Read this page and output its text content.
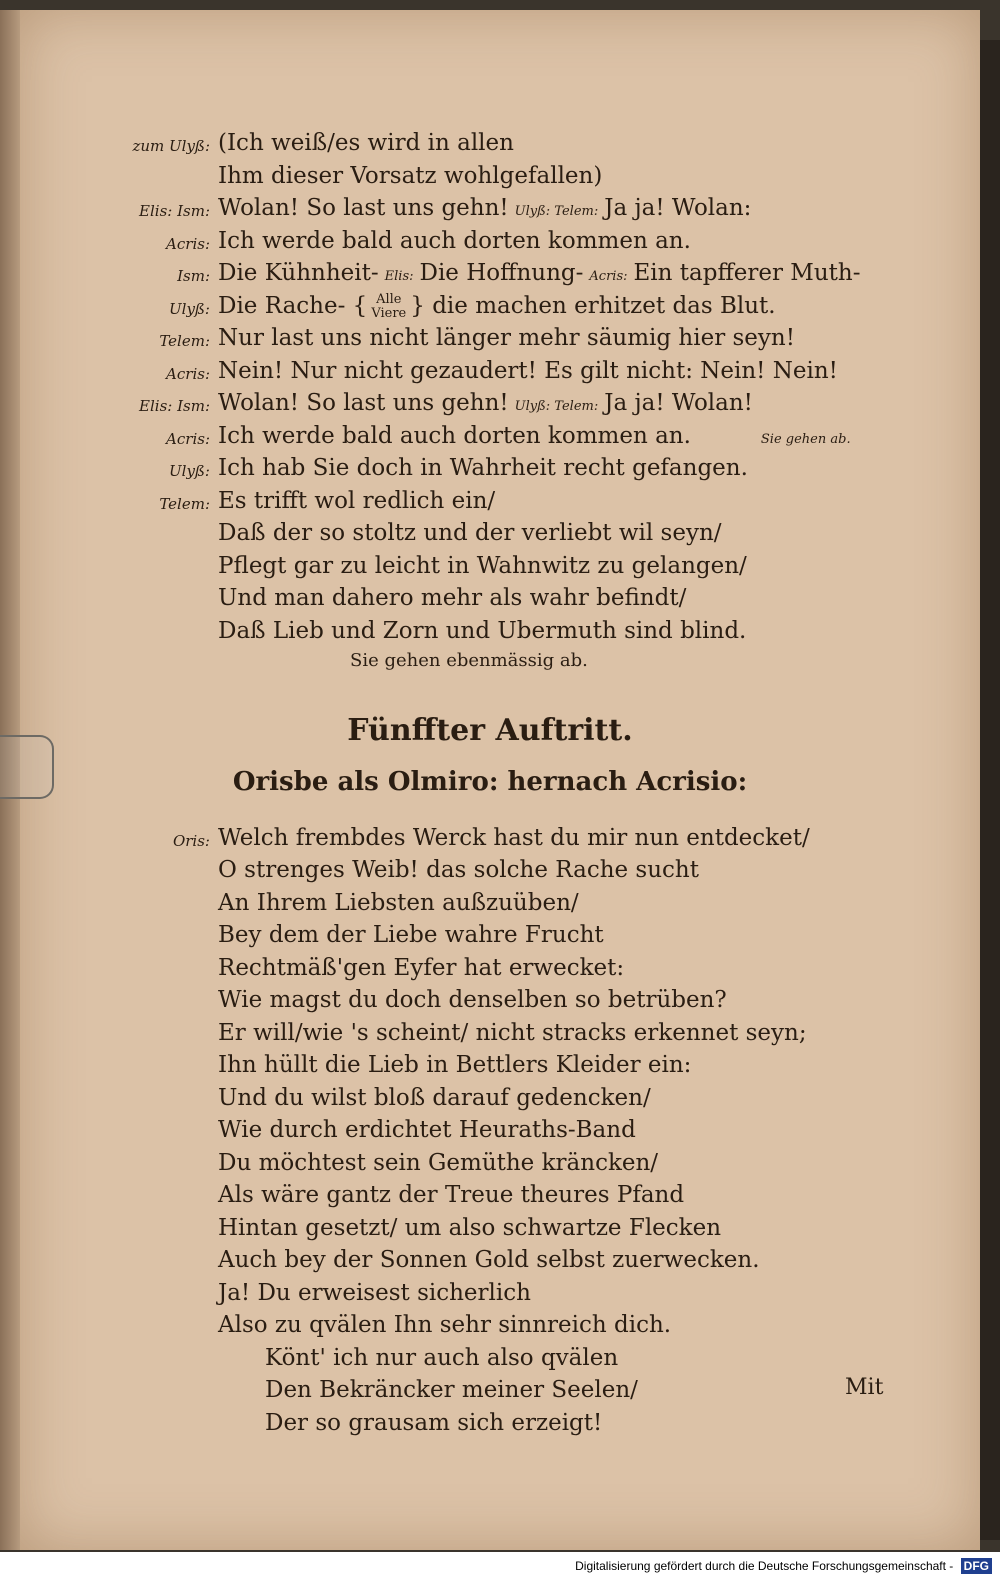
zum Ulyß: (Ich weiß/es wird in allen
Ihm dieser Vorsatz wohlgefallen)
Elis: Ism: Wolan! So last uns gehn! Ulyß: Telem: Ja ja! Wolan:
Acris: Ich werde bald auch dorten kommen an.
Ism: Die Kühnheit- Elis: Die Hoffnung- Acris: Ein tapfferer Muth-
Ulyß: Die Rache- { Alle
Viere } die machen erhitzet das Blut.
Telem: Nur last uns nicht länger mehr säumig hier seyn!
Acris: Nein! Nur nicht gezaudert! Es gilt nicht: Nein! Nein!
Elis: Ism: Wolan! So last uns gehn! Ulyß: Telem: Ja ja! Wolan!
Acris: Ich werde bald auch dorten kommen an.	Sie gehen ab.
Ulyß: Ich hab Sie doch in Wahrheit recht gefangen.
Telem: Es trifft wol redlich ein/
Daß der so stoltz und der verliebt wil seyn/
Pflegt gar zu leicht in Wahnwitz zu gelangen/
Und man dahero mehr als wahr befindt/
Daß Lieb und Zorn und Ubermuth sind blind.
Sie gehen ebenmässig ab.
Fünffter Auftritt.
Orisbe als Olmiro: hernach Acrisio:
Oris: Welch frembdes Werck hast du mir nun entdecket/
O strenges Weib! das solche Rache sucht
An Ihrem Liebsten außzuüben/
Bey dem der Liebe wahre Frucht
Rechtmäß'gen Eyfer hat erwecket:
Wie magst du doch denselben so betrüben?
Er will/wie 's scheint/ nicht stracks erkennet seyn;
Ihn hüllt die Lieb in Bettlers Kleider ein:
Und du wilst bloß darauf gedencken/
Wie durch erdichtet Heuraths-Band
Du möchtest sein Gemüthe kräncken/
Als wäre gantz der Treue theures Pfand
Hintan gesetzt/ um also schwartze Flecken
Auch bey der Sonnen Gold selbst zuerwecken.
Ja! Du erweisest sicherlich
Also zu qvälen Ihn sehr sinnreich dich.
Könt' ich nur auch also qvälen
Den Bekräncker meiner Seelen/
Der so grausam sich erzeigt!
Mit
Digitalisierung gefördert durch die Deutsche Forschungsgemeinschaft - DFG
